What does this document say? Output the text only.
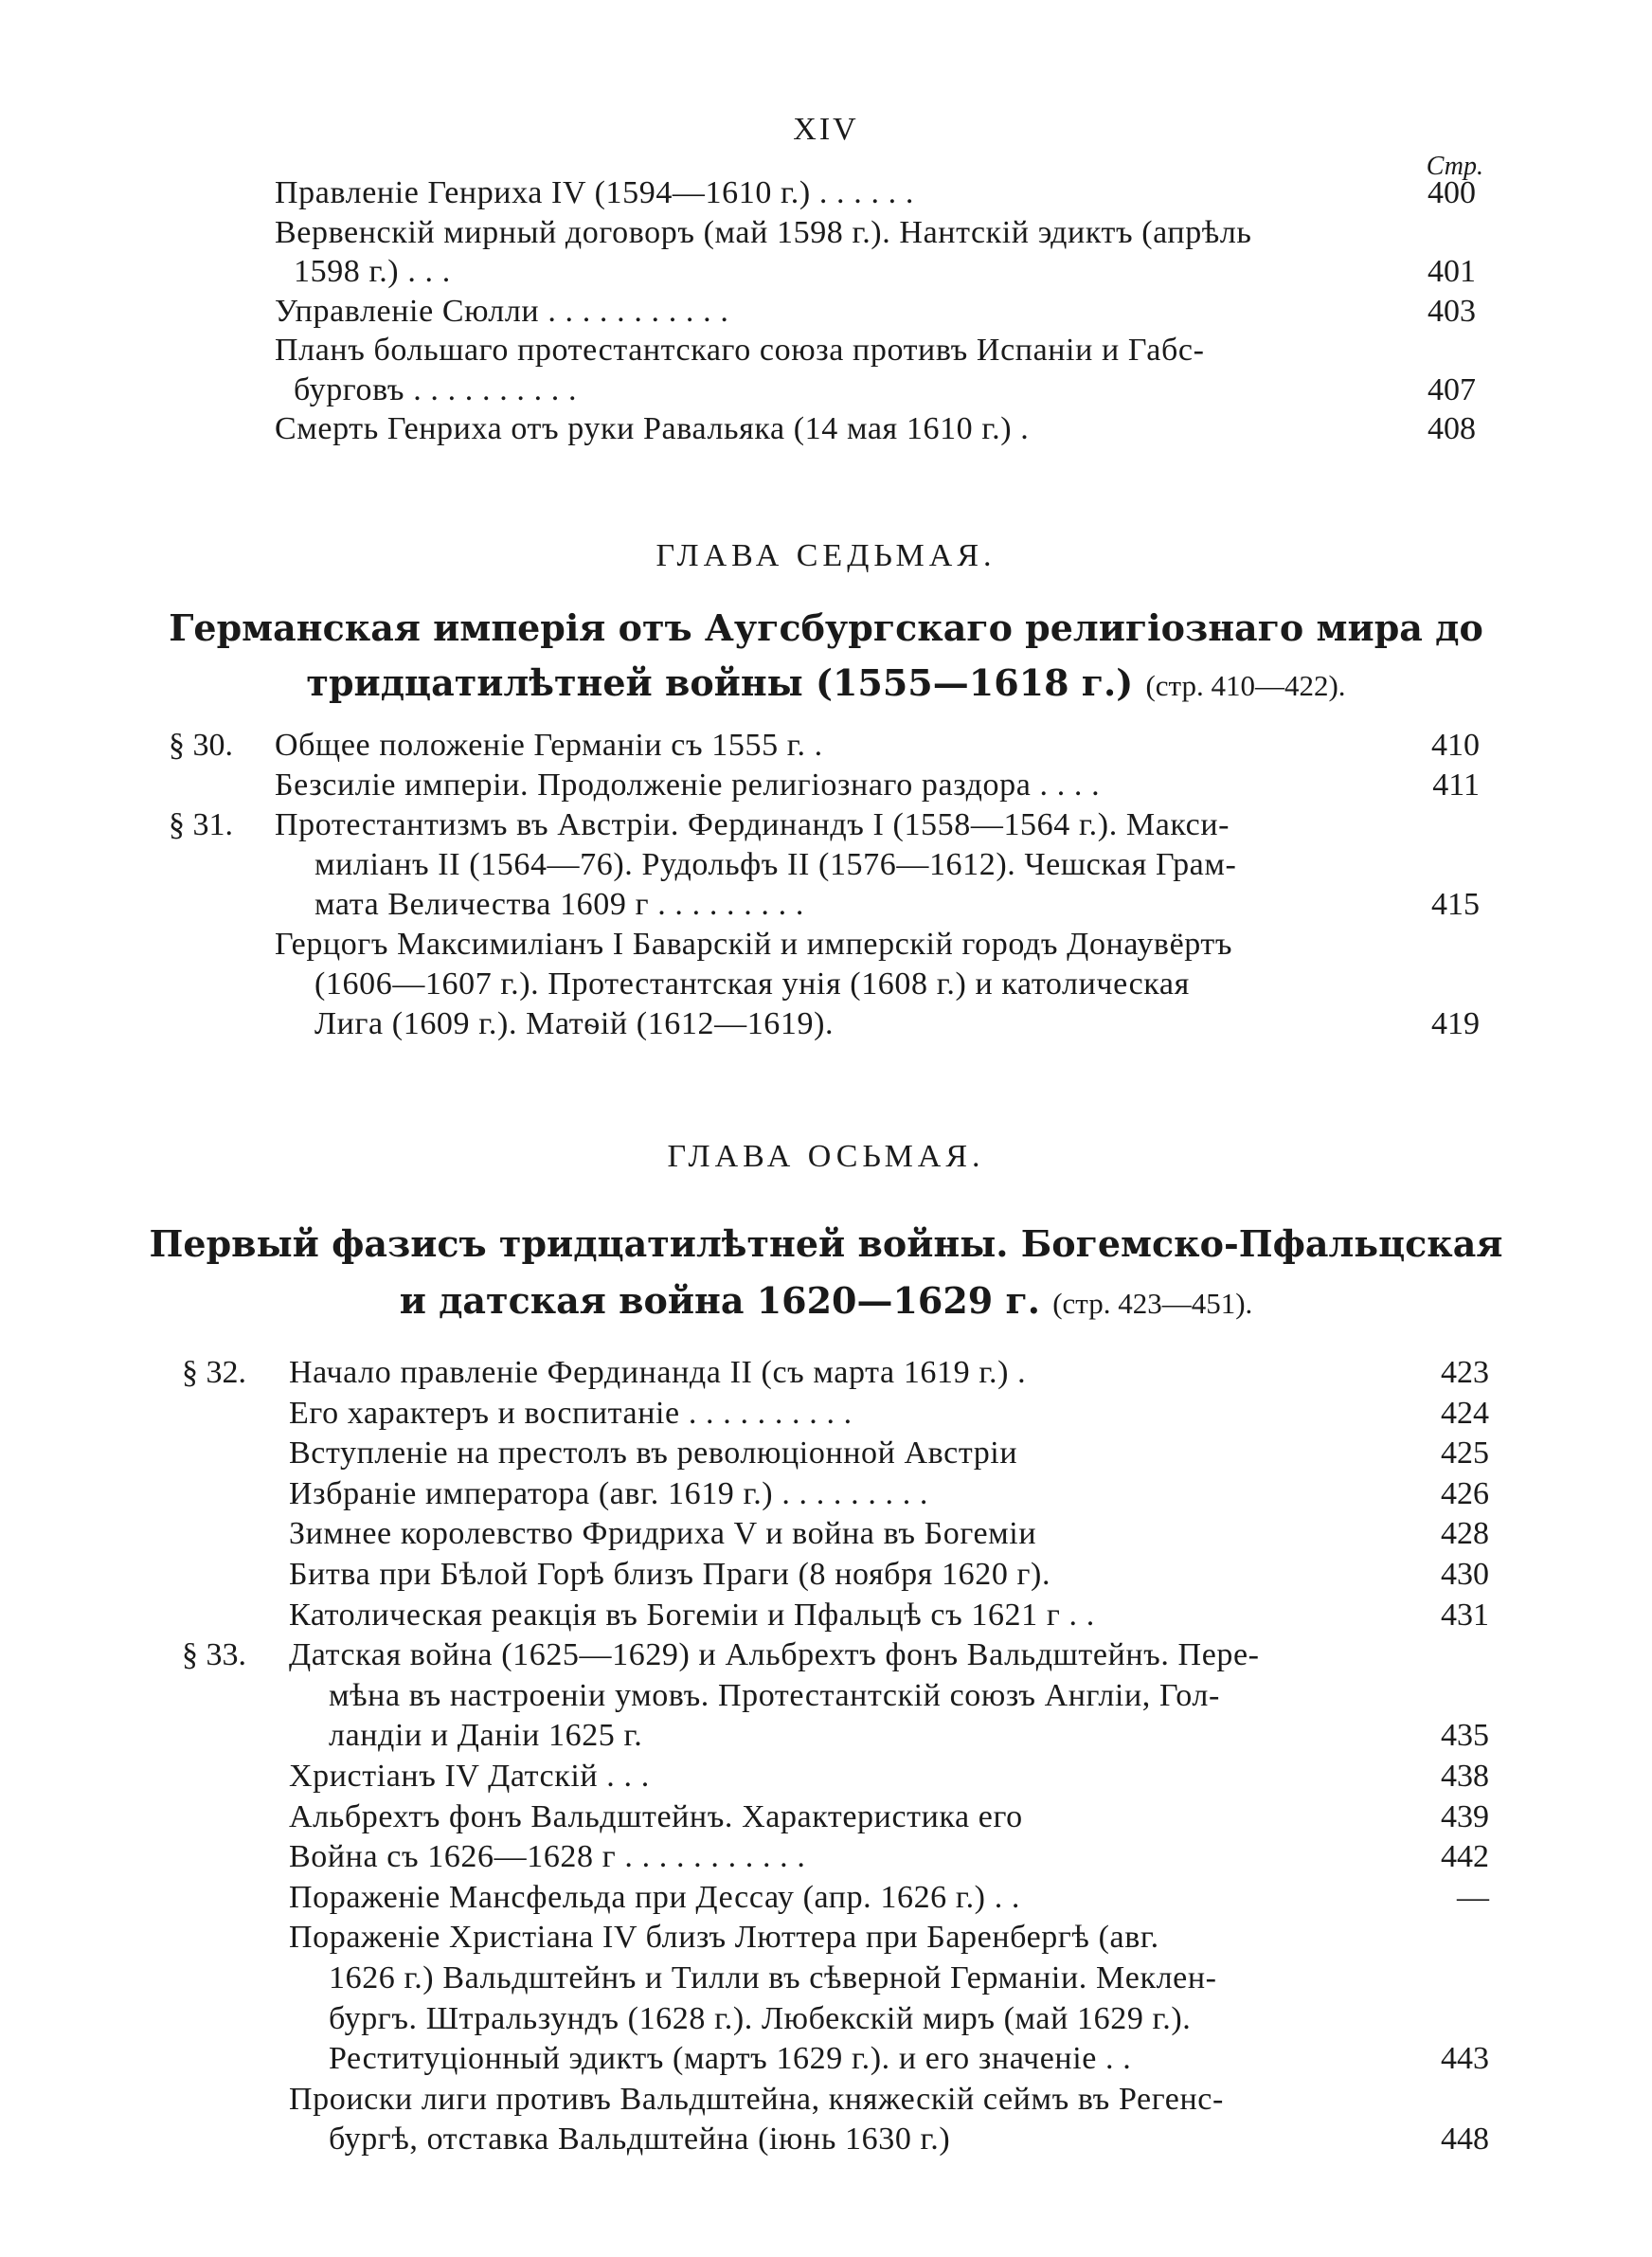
XIV
Стр.
Правленіе Генриха IV (1594—1610 г.) . . . . . .	400
Вервенскій мирный договоръ (май 1598 г.). Нантскій эдиктъ (апрѣль
1598 г.) . . .	401
Управленіе Сюлли . . . . . . . . . . .	403
Планъ большаго протестантскаго союза противъ Испаніи и Габс-
бурговъ . . . . . . . . . .	407
Смерть Генриха отъ руки Равальяка (14 мая 1610 г.) .	408
ГЛАВА СЕДЬМАЯ.
Германская имперія отъ Аугсбургскаго религіознаго мира до
тридцатилѣтней войны (1555—1618 г.) (стр. 410—422).
§ 30. Общее положеніе Германіи съ 1555 г. .	410
Безсиліе имперіи. Продолженіе религіознаго раздора . . . .	411
§ 31. Протестантизмъ въ Австріи. Фердинандъ I (1558—1564 г.). Макси-
миліанъ II (1564—76). Рудольфъ II (1576—1612). Чешская Грам-
мата Величества 1609 г . . . . . . . . .	415
Герцогъ Максимиліанъ I Баварскій и имперскій городъ Донаувёртъ
(1606—1607 г.). Протестантская унія (1608 г.) и католическая
Лига (1609 г.). Матѳій (1612—1619).	419
ГЛАВА ОСЬМАЯ.
Первый фазисъ тридцатилѣтней войны. Богемско-Пфальцская
и датская война 1620—1629 г. (стр. 423—451).
§ 32. Начало правленіе Фердинанда II (съ марта 1619 г.) .	423
Его характеръ и воспитаніе . . . . . . . . . .	424
Вступленіе на престолъ въ революціонной Австріи	425
Избраніе императора (авг. 1619 г.) . . . . . . . . .	426
Зимнее королевство Фридриха V и война въ Богеміи	428
Битва при Бѣлой Горѣ близъ Праги (8 ноября 1620 г).	430
Католическая реакція въ Богеміи и Пфальцѣ съ 1621 г . .	431
§ 33. Датская война (1625—1629) и Альбрехтъ фонъ Вальдштейнъ. Пере-
мѣна въ настроеніи умовъ. Протестантскій союзъ Англіи, Гол-
ландіи и Даніи 1625 г.	435
Христіанъ IV Датскій . . .	438
Альбрехтъ фонъ Вальдштейнъ. Характеристика его	439
Война съ 1626—1628 г . . . . . . . . . . .	442
Пораженіе Мансфельда при Дессау (апр. 1626 г.) . .	—
Пораженіе Христіана IV близъ Люттера при Баренбергѣ (авг.
1626 г.) Вальдштейнъ и Тилли въ сѣверной Германіи. Мeклен-
бургъ. Штральзундъ (1628 г.). Любекскій миръ (май 1629 г.).
Реституціонный эдиктъ (мартъ 1629 г.). и его значеніе . .	443
Происки лиги противъ Вальдштейна, княжескій сеймъ въ Регенс-
бургѣ, отставка Вальдштейна (іюнь 1630 г.)	448
